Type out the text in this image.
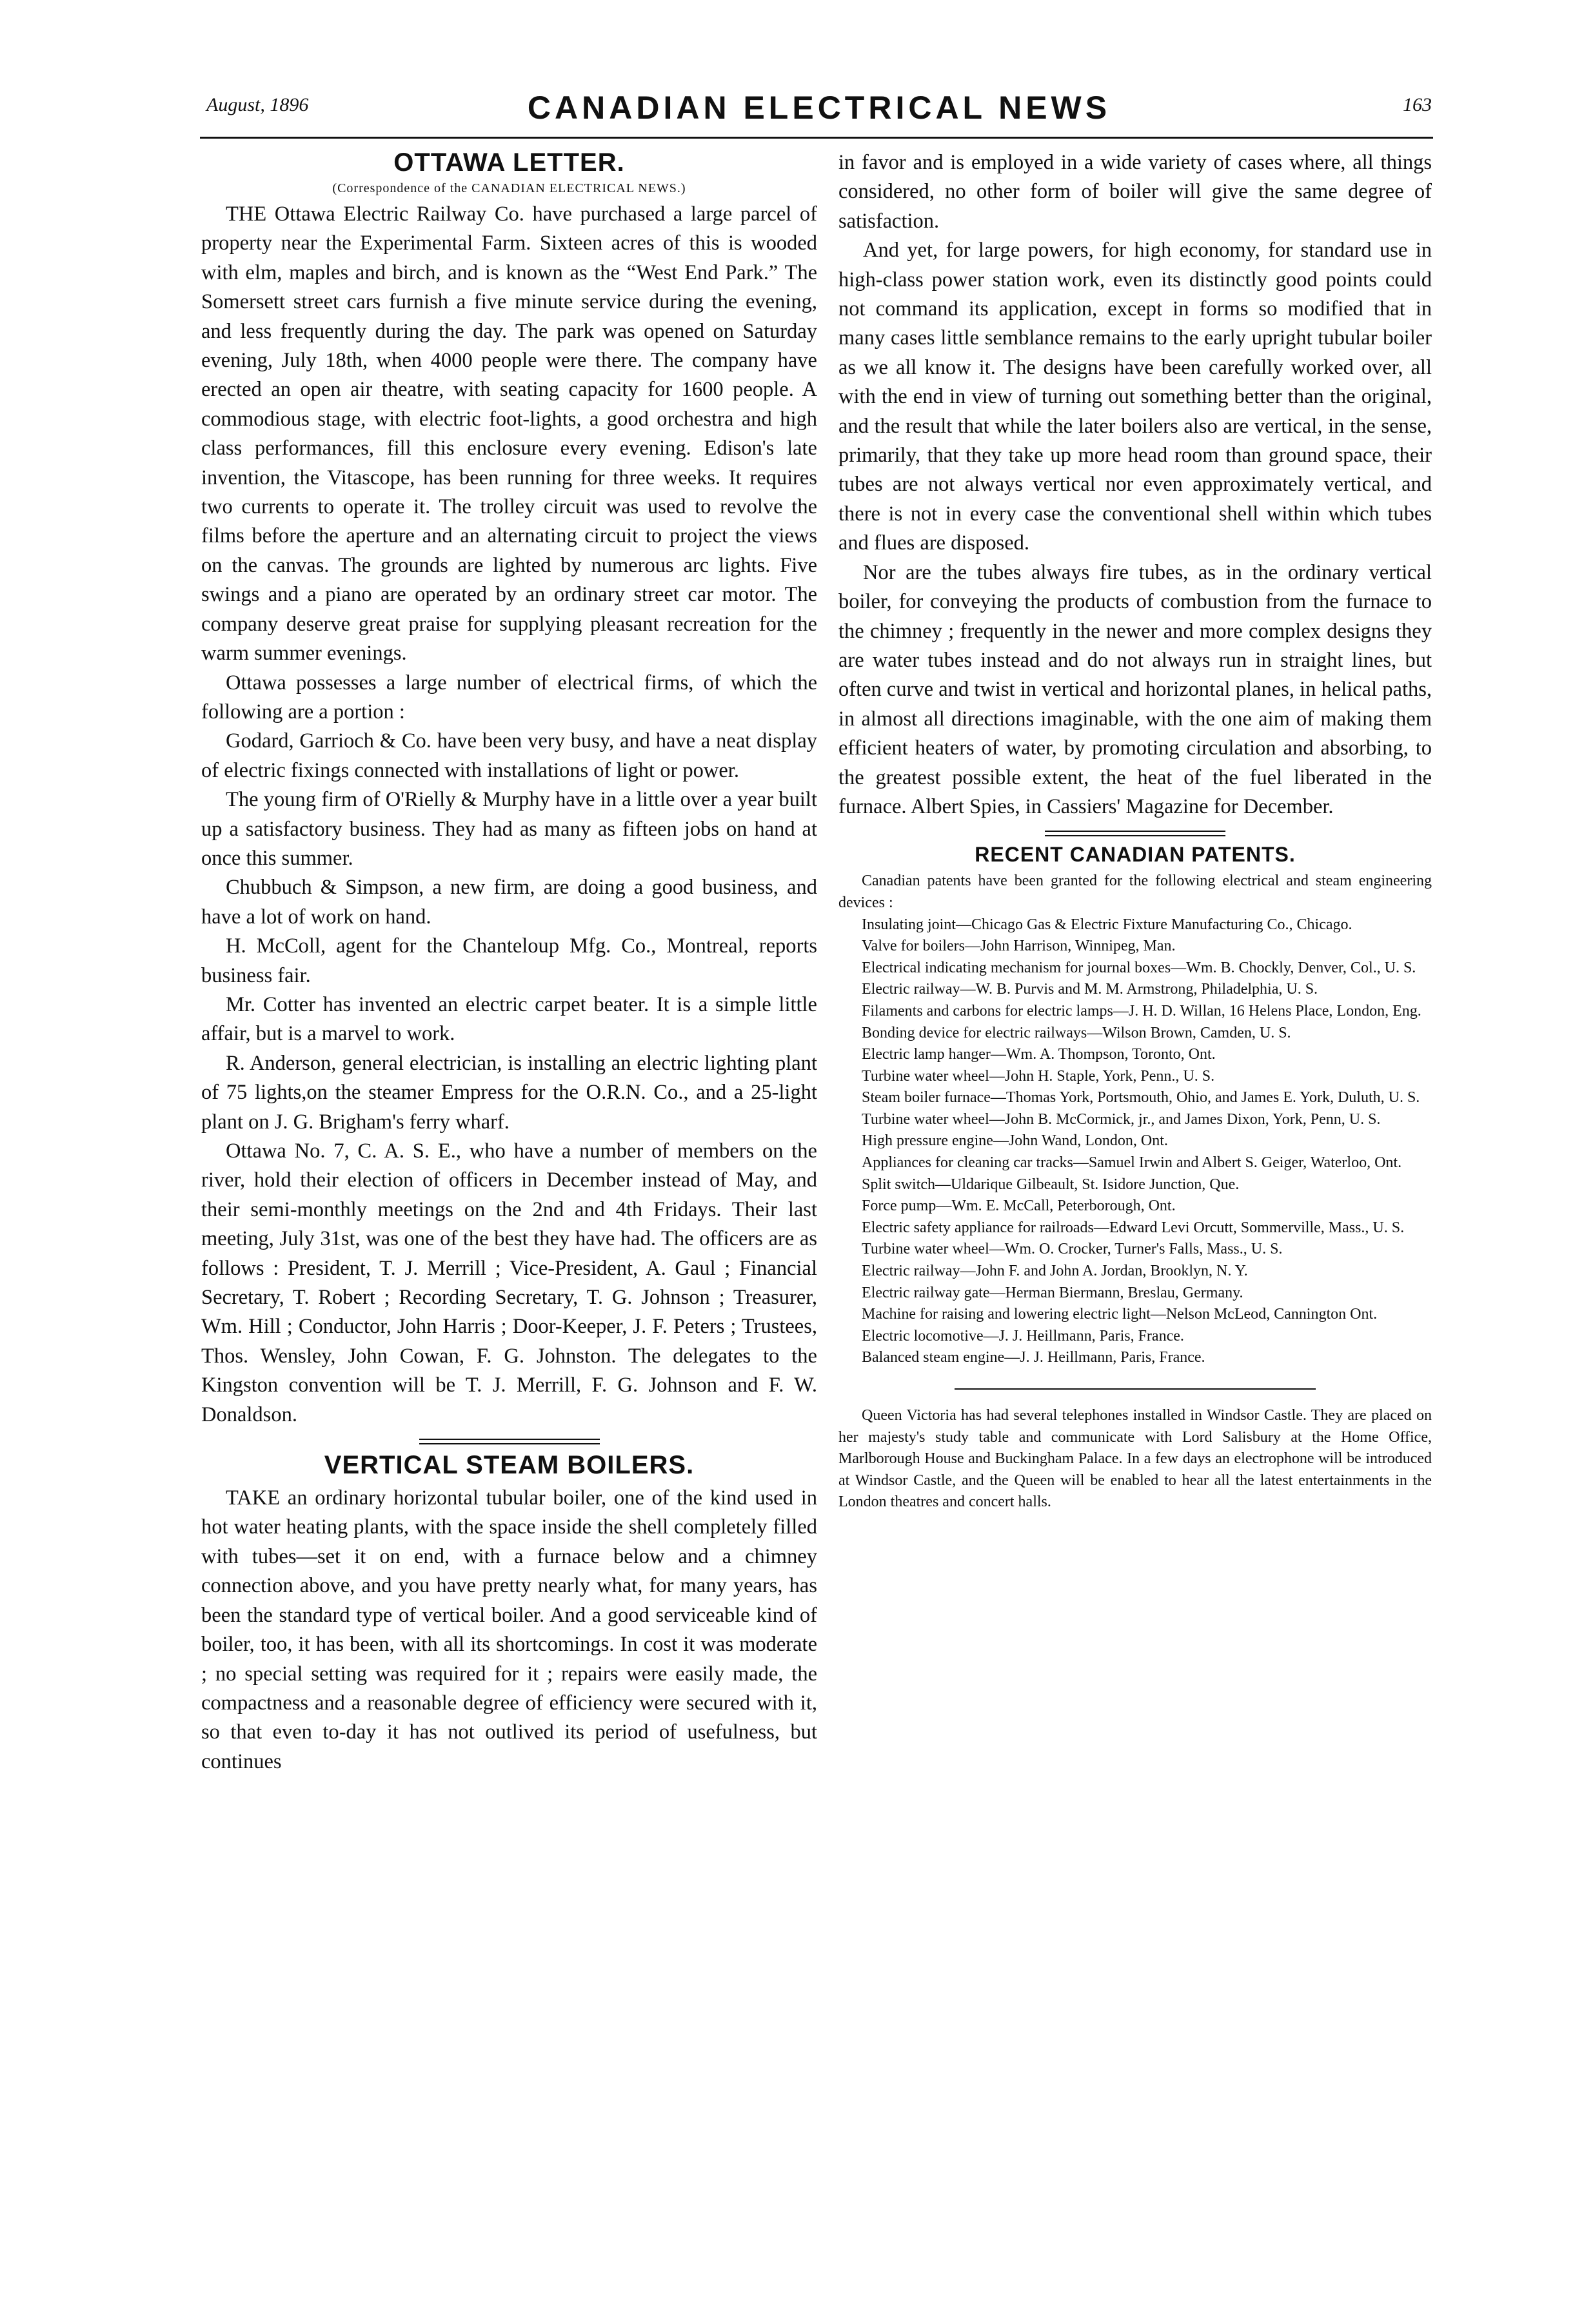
August, 1896	CANADIAN ELECTRICAL NEWS	163
OTTAWA LETTER.
(Correspondence of the CANADIAN ELECTRICAL NEWS.)

THE Ottawa Electric Railway Co. have purchased a large parcel of property near the Experimental Farm. Sixteen acres of this is wooded with elm, maples and birch, and is known as the “West End Park.” The Somersett street cars furnish a five minute service during the evening, and less frequently during the day. The park was opened on Saturday evening, July 18th, when 4000 people were there. The company have erected an open air theatre, with seating capacity for 1600 people. A commodious stage, with electric foot-lights, a good orchestra and high class performances, fill this enclosure every evening. Edison's late invention, the Vitascope, has been running for three weeks. It requires two currents to operate it. The trolley circuit was used to revolve the films before the aperture and an alternating circuit to project the views on the canvas. The grounds are lighted by numerous arc lights. Five swings and a piano are operated by an ordinary street car motor. The company deserve great praise for supplying pleasant recreation for the warm summer evenings.

Ottawa possesses a large number of electrical firms, of which the following are a portion :

Godard, Garrioch & Co. have been very busy, and have a neat display of electric fixings connected with installations of light or power.

The young firm of O'Rielly & Murphy have in a little over a year built up a satisfactory business. They had as many as fifteen jobs on hand at once this summer.

Chubbuch & Simpson, a new firm, are doing a good business, and have a lot of work on hand.

H. McColl, agent for the Chanteloup Mfg. Co., Montreal, reports business fair.

Mr. Cotter has invented an electric carpet beater. It is a simple little affair, but is a marvel to work.

R. Anderson, general electrician, is installing an electric lighting plant of 75 lights,on the steamer Empress for the O.R.N. Co., and a 25-light plant on J. G. Brigham's ferry wharf.

Ottawa No. 7, C. A. S. E., who have a number of members on the river, hold their election of officers in December instead of May, and their semi-monthly meetings on the 2nd and 4th Fridays. Their last meeting, July 31st, was one of the best they have had. The officers are as follows : President, T. J. Merrill ; Vice-President, A. Gaul ; Financial Secretary, T. Robert ; Recording Secretary, T. G. Johnson ; Treasurer, Wm. Hill ; Conductor, John Harris ; Door-Keeper, J. F. Peters ; Trustees, Thos. Wensley, John Cowan, F. G. Johnston. The delegates to the Kingston convention will be T. J. Merrill, F. G. Johnson and F. W. Donaldson.

VERTICAL STEAM BOILERS.

TAKE an ordinary horizontal tubular boiler, one of the kind used in hot water heating plants, with the space inside the shell completely filled with tubes—set it on end, with a furnace below and a chimney connection above, and you have pretty nearly what, for many years, has been the standard type of vertical boiler. And a good serviceable kind of boiler, too, it has been, with all its shortcomings. In cost it was moderate ; no special setting was required for it ; repairs were easily made, the compactness and a reasonable degree of efficiency were secured with it, so that even to-day it has not outlived its period of usefulness, but continues

in favor and is employed in a wide variety of cases where, all things considered, no other form of boiler will give the same degree of satisfaction.

And yet, for large powers, for high economy, for standard use in high-class power station work, even its distinctly good points could not command its application, except in forms so modified that in many cases little semblance remains to the early upright tubular boiler as we all know it. The designs have been carefully worked over, all with the end in view of turning out something better than the original, and the result that while the later boilers also are vertical, in the sense, primarily, that they take up more head room than ground space, their tubes are not always vertical nor even approximately vertical, and there is not in every case the conventional shell within which tubes and flues are disposed.

Nor are the tubes always fire tubes, as in the ordinary vertical boiler, for conveying the products of combustion from the furnace to the chimney ; frequently in the newer and more complex designs they are water tubes instead and do not always run in straight lines, but often curve and twist in vertical and horizontal planes, in helical paths, in almost all directions imaginable, with the one aim of making them efficient heaters of water, by promoting circulation and absorbing, to the greatest possible extent, the heat of the fuel liberated in the furnace. Albert Spies, in Cassiers' Magazine for December.

RECENT CANADIAN PATENTS.

Canadian patents have been granted for the following electrical and steam engineering devices :

Insulating joint—Chicago Gas & Electric Fixture Manufacturing Co., Chicago.

Valve for boilers—John Harrison, Winnipeg, Man.

Electrical indicating mechanism for journal boxes—Wm. B. Chockly, Denver, Col., U. S.

Electric railway—W. B. Purvis and M. M. Armstrong, Philadelphia, U. S.

Filaments and carbons for electric lamps—J. H. D. Willan, 16 Helens Place, London, Eng.

Bonding device for electric railways—Wilson Brown, Camden, U. S.

Electric lamp hanger—Wm. A. Thompson, Toronto, Ont.

Turbine water wheel—John H. Staple, York, Penn., U. S.

Steam boiler furnace—Thomas York, Portsmouth, Ohio, and James E. York, Duluth, U. S.

Turbine water wheel—John B. McCormick, jr., and James Dixon, York, Penn, U. S.

High pressure engine—John Wand, London, Ont.

Appliances for cleaning car tracks—Samuel Irwin and Albert S. Geiger, Waterloo, Ont.

Split switch—Uldarique Gilbeault, St. Isidore Junction, Que.

Force pump—Wm. E. McCall, Peterborough, Ont.

Electric safety appliance for railroads—Edward Levi Orcutt, Sommerville, Mass., U. S.

Turbine water wheel—Wm. O. Crocker, Turner's Falls, Mass., U. S.

Electric railway—John F. and John A. Jordan, Brooklyn, N. Y.

Electric railway gate—Herman Biermann, Breslau, Germany.

Machine for raising and lowering electric light—Nelson McLeod, Cannington Ont.

Electric locomotive—J. J. Heillmann, Paris, France.

Balanced steam engine—J. J. Heillmann, Paris, France.

Queen Victoria has had several telephones installed in Windsor Castle. They are placed on her majesty's study table and communicate with Lord Salisbury at the Home Office, Marlborough House and Buckingham Palace. In a few days an electrophone will be introduced at Windsor Castle, and the Queen will be enabled to hear all the latest entertainments in the London theatres and concert halls.
